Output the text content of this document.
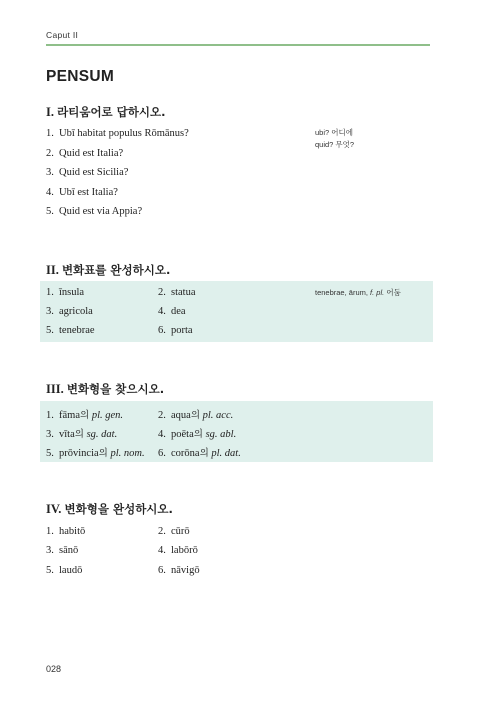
Caput II
PENSUM
I. 라티움어로 답하시오.
1. Ubī habitat populus Rōmānus?
2. Quid est Italia?
3. Quid est Sicilia?
4. Ubī est Italia?
5. Quid est via Appia?
ubi? 어디에
quid? 무엇?
II. 변화표를 완성하시오.
1. īnsula	2. statua
3. agricola	4. dea
5. tenebrae	6. porta
tenebrae, ārum, f. pl. 어둠
III. 변화형을 찾으시오.
1. fāma의 pl. gen.	2. aqua의 pl. acc.
3. vīta의 sg. dat.	4. poēta의 sg. abl.
5. prōvincia의 pl. nom. 6. corōna의 pl. dat.
IV. 변화형을 완성하시오.
1. habitō	2. cūrō
3. sānō	4. labōrō
5. laudō	6. nāvigō
028
